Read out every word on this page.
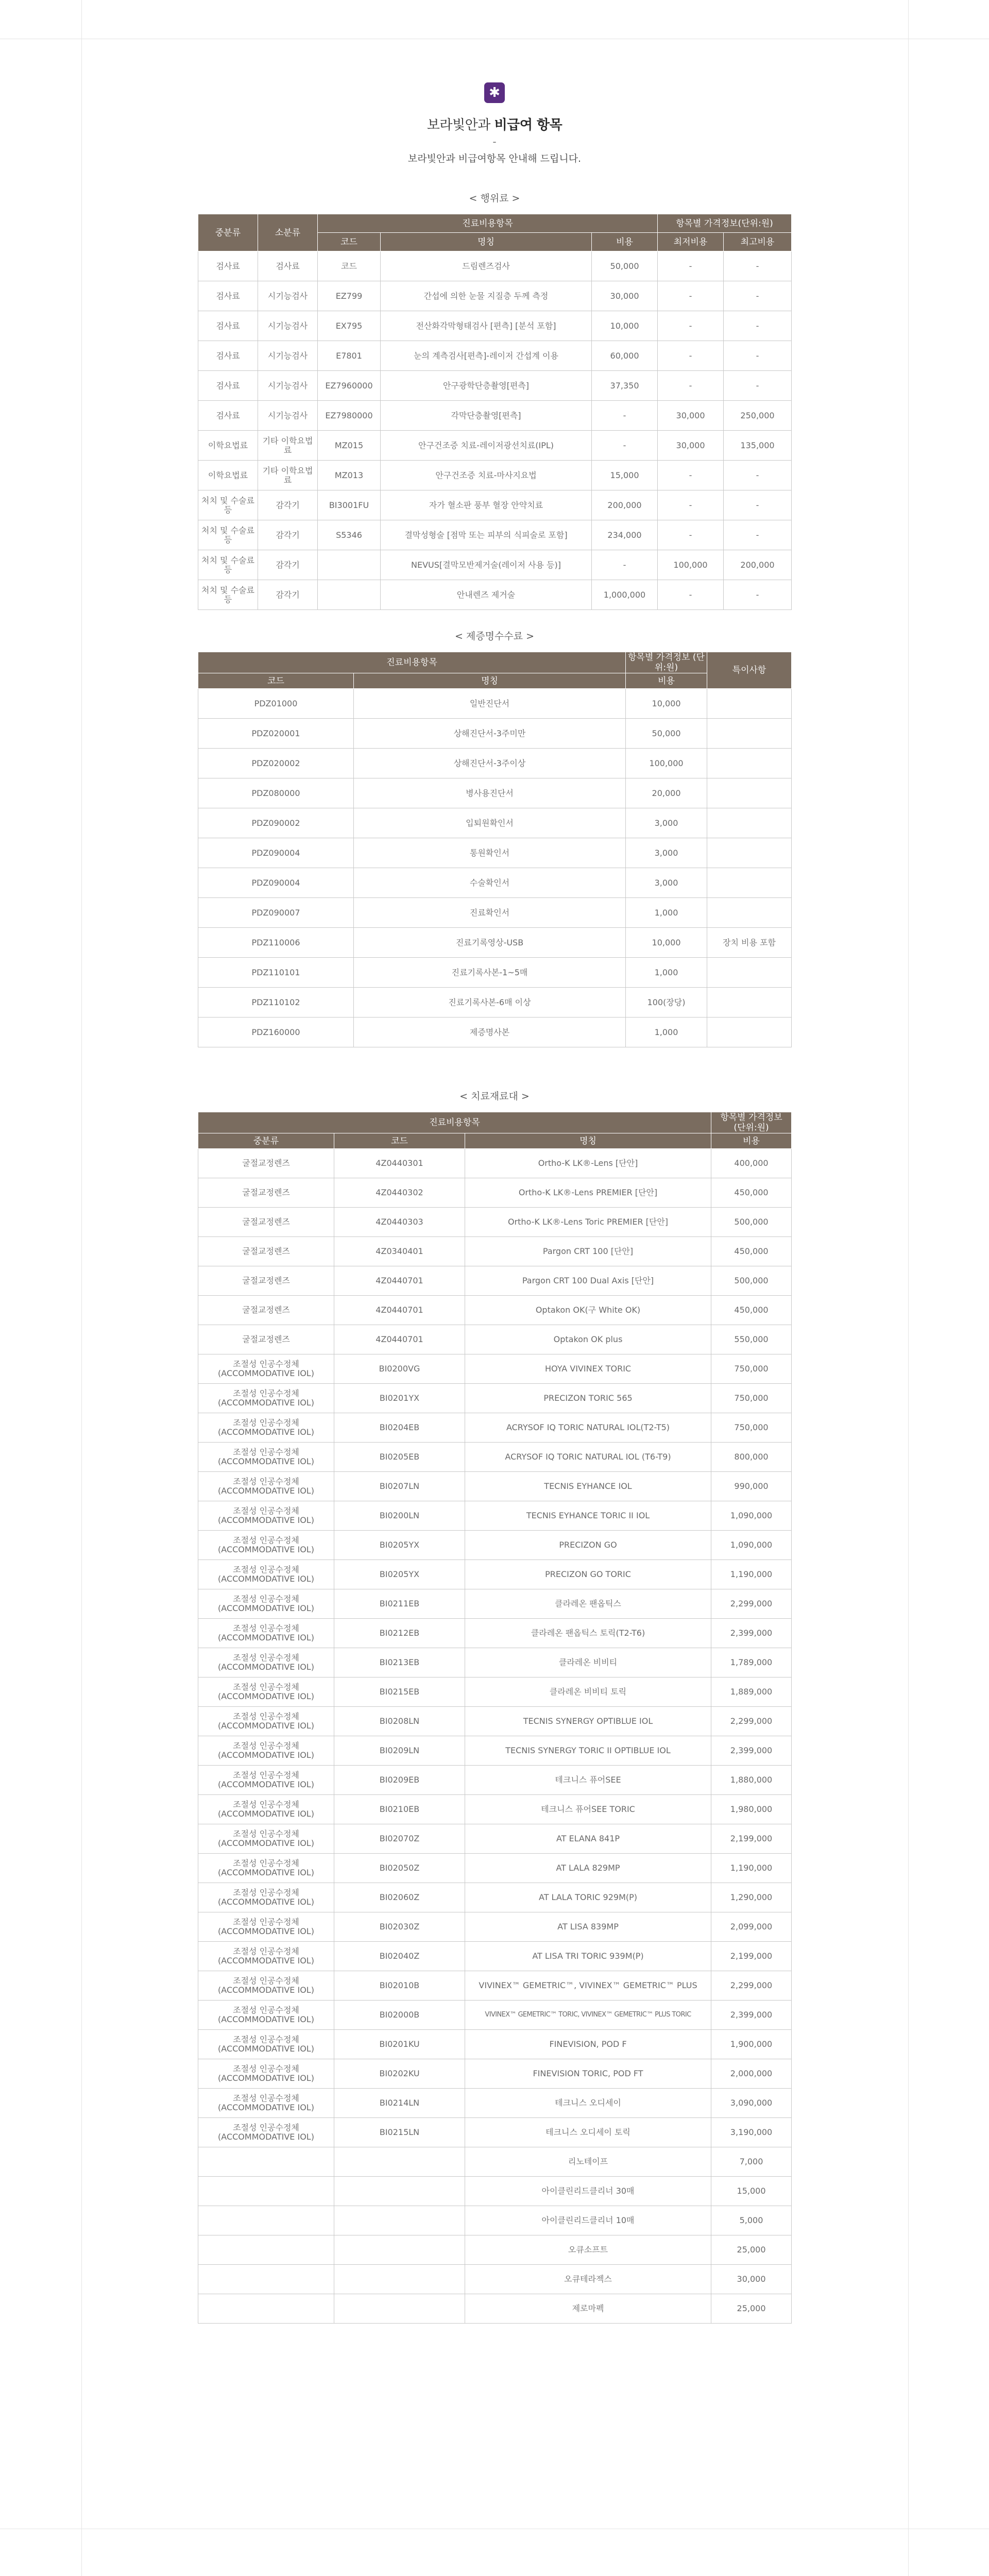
✱
보라빛안과 비급여 항목
-
보라빛안과 비급여항목 안내해 드립니다.
< 행위료 >
중분류	소분류	진료비용항목			항목별 가격정보(단위:원)	
		코드	명칭	비용	최저비용	최고비용
검사료	검사료	코드	드림렌즈검사	50,000	-	-
검사료	시기능검사	EZ799	간섭에 의한 눈물 지질층 두께 측정	30,000	-	-
검사료	시기능검사	EX795	전산화각막형태검사 [편측] [분석 포함]	10,000	-	-
검사료	시기능검사	E7801	눈의 계측검사[편측]-레이저 간섭계 이용	60,000	-	-
검사료	시기능검사	EZ7960000	안구광학단층촬영[편측]	37,350	-	-
검사료	시기능검사	EZ7980000	각막단층촬영[편측]	-	30,000	250,000
이학요법료	기타 이학요법료	MZ015	안구건조증 치료-레이저광선치료(IPL)	-	30,000	135,000
이학요법료	기타 이학요법료	MZ013	안구건조증 치료-마사지요법	15,000	-	-
처치 및 수술료 등	감각기	BI3001FU	자가 혈소판 풍부 혈장 안약치료	200,000	-	-
처치 및 수술료 등	감각기	S5346	결막성형술 [점막 또는 피부의 식피술로 포함]	234,000	-	-
처치 및 수술료 등	감각기		NEVUS[결막모반제거술(레이저 사용 등)]	-	100,000	200,000
처치 및 수술료 등	감각기		안내렌즈 제거술	1,000,000	-	-
< 제증명수수료 >
진료비용항목		항목별 가격정보 (단위:원)	특이사항
코드	명칭	비용	
PDZ01000	일반진단서	10,000	
PDZ020001	상해진단서-3주미만	50,000	
PDZ020002	상해진단서-3주이상	100,000	
PDZ080000	병사용진단서	20,000	
PDZ090002	입퇴원확인서	3,000	
PDZ090004	통원확인서	3,000	
PDZ090004	수술확인서	3,000	
PDZ090007	진료확인서	1,000	
PDZ110006	진료기록영상-USB	10,000	장치 비용 포함
PDZ110101	진료기록사본-1~5매	1,000	
PDZ110102	진료기록사본-6매 이상	100(장당)	
PDZ160000	제증명사본	1,000	
< 치료재료대 >
진료비용항목			항목별 가격정보 (단위:원)
중분류	코드	명칭	비용
굴절교정렌즈	4Z0440301	Ortho-K LK®-Lens [단안]	400,000
굴절교정렌즈	4Z0440302	Ortho-K LK®-Lens PREMIER [단안]	450,000
굴절교정렌즈	4Z0440303	Ortho-K LK®-Lens Toric PREMIER [단안]	500,000
굴절교정렌즈	4Z0340401	Pargon CRT 100 [단안]	450,000
굴절교정렌즈	4Z0440701	Pargon CRT 100 Dual Axis [단안]	500,000
굴절교정렌즈	4Z0440701	Optakon OK(구 White OK)	450,000
굴절교정렌즈	4Z0440701	Optakon OK plus	550,000
조절성 인공수정체 (ACCOMMODATIVE IOL)	BI0200VG	HOYA VIVINEX TORIC	750,000
조절성 인공수정체 (ACCOMMODATIVE IOL)	BI0201YX	PRECIZON TORIC 565	750,000
조절성 인공수정체 (ACCOMMODATIVE IOL)	BI0204EB	ACRYSOF IQ TORIC NATURAL IOL(T2-T5)	750,000
조절성 인공수정체 (ACCOMMODATIVE IOL)	BI0205EB	ACRYSOF IQ TORIC NATURAL IOL (T6-T9)	800,000
조절성 인공수정체 (ACCOMMODATIVE IOL)	BI0207LN	TECNIS EYHANCE IOL	990,000
조절성 인공수정체 (ACCOMMODATIVE IOL)	BI0200LN	TECNIS EYHANCE TORIC II IOL	1,090,000
조절성 인공수정체 (ACCOMMODATIVE IOL)	BI0205YX	PRECIZON GO	1,090,000
조절성 인공수정체 (ACCOMMODATIVE IOL)	BI0205YX	PRECIZON GO TORIC	1,190,000
조절성 인공수정체 (ACCOMMODATIVE IOL)	BI0211EB	클라레온 팬옵틱스	2,299,000
조절성 인공수정체 (ACCOMMODATIVE IOL)	BI0212EB	클라레온 팬옵틱스 토릭(T2-T6)	2,399,000
조절성 인공수정체 (ACCOMMODATIVE IOL)	BI0213EB	클라레온 비비티	1,789,000
조절성 인공수정체 (ACCOMMODATIVE IOL)	BI0215EB	클라레온 비비티 토릭	1,889,000
조절성 인공수정체 (ACCOMMODATIVE IOL)	BI0208LN	TECNIS SYNERGY OPTIBLUE IOL	2,299,000
조절성 인공수정체 (ACCOMMODATIVE IOL)	BI0209LN	TECNIS SYNERGY TORIC II OPTIBLUE IOL	2,399,000
조절성 인공수정체 (ACCOMMODATIVE IOL)	BI0209EB	테크니스 퓨어SEE	1,880,000
조절성 인공수정체 (ACCOMMODATIVE IOL)	BI0210EB	테크니스 퓨어SEE TORIC	1,980,000
조절성 인공수정체 (ACCOMMODATIVE IOL)	BI02070Z	AT ELANA 841P	2,199,000
조절성 인공수정체 (ACCOMMODATIVE IOL)	BI02050Z	AT LALA 829MP	1,190,000
조절성 인공수정체 (ACCOMMODATIVE IOL)	BI02060Z	AT LALA TORIC 929M(P)	1,290,000
조절성 인공수정체 (ACCOMMODATIVE IOL)	BI02030Z	AT LISA 839MP	2,099,000
조절성 인공수정체 (ACCOMMODATIVE IOL)	BI02040Z	AT LISA TRI TORIC 939M(P)	2,199,000
조절성 인공수정체 (ACCOMMODATIVE IOL)	BI02010B	VIVINEX™ GEMETRIC™, VIVINEX™ GEMETRIC™ PLUS	2,299,000
조절성 인공수정체 (ACCOMMODATIVE IOL)	BI02000B	VIVINEX™ GEMETRIC™ TORIC, VIVINEX™ GEMETRIC™ PLUS TORIC	2,399,000
조절성 인공수정체 (ACCOMMODATIVE IOL)	BI0201KU	FINEVISION, POD F	1,900,000
조절성 인공수정체 (ACCOMMODATIVE IOL)	BI0202KU	FINEVISION TORIC, POD FT	2,000,000
조절성 인공수정체 (ACCOMMODATIVE IOL)	BI0214LN	테크니스 오디세이	3,090,000
조절성 인공수정체 (ACCOMMODATIVE IOL)	BI0215LN	테크니스 오디세이 토릭	3,190,000
		리노테이프	7,000
		아이클린리드클리너 30매	15,000
		아이클린리드클리너 10매	5,000
		오큐소프트	25,000
		오큐테라젝스	30,000
		제로마펙	25,000
